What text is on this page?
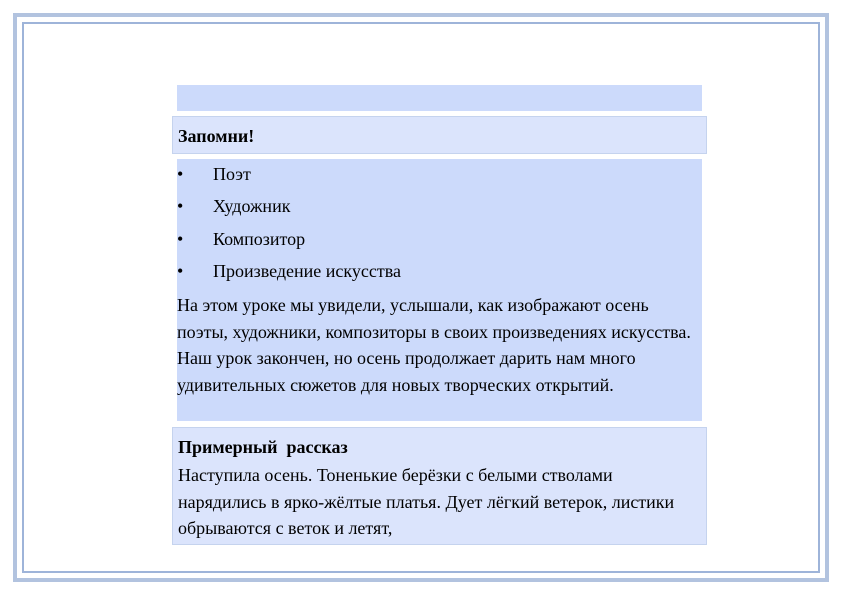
Запомни!
• Поэт
• Художник
• Композитор
• Произведение искусства
На этом уроке мы увидели, услышали, как изображают осень поэты, художники, композиторы в своих произведениях искусства. Наш урок закончен, но осень продолжает дарить нам много удивительных сюжетов для новых творческих открытий.
Примерный  рассказ
Наступила осень. Тоненькие берёзки с белыми стволами нарядились в ярко-жёлтые платья. Дует лёгкий ветерок, листики обрываются с веток и летят,
